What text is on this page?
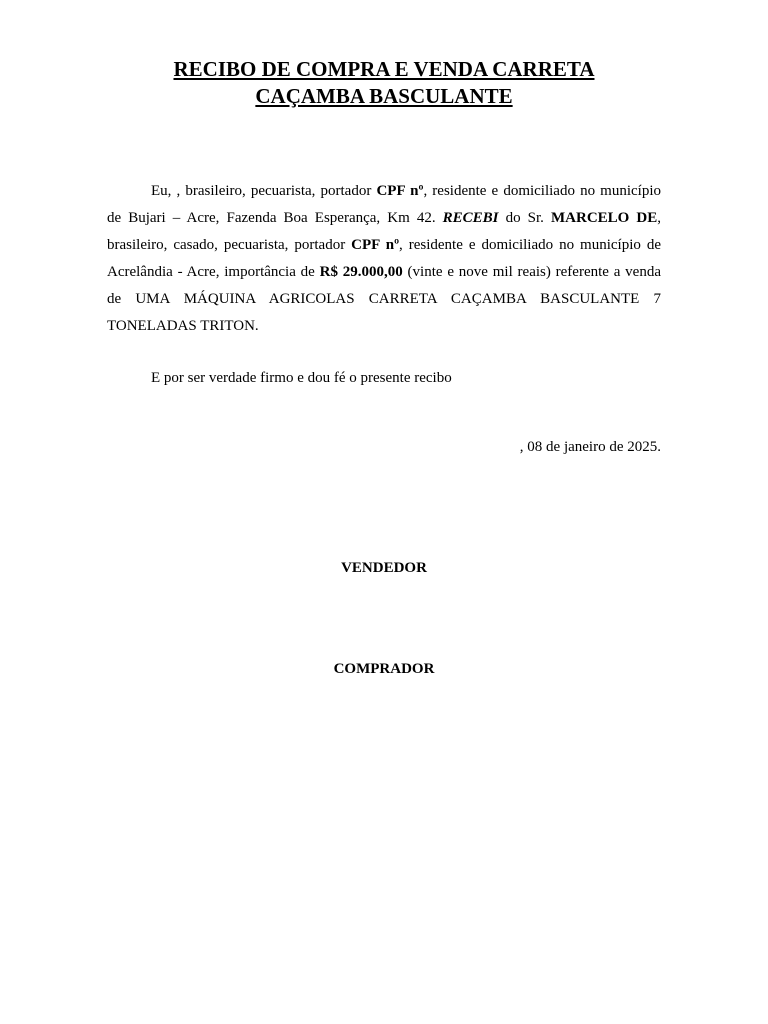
RECIBO DE COMPRA E VENDA CARRETA
CAÇAMBA BASCULANTE

Eu, , brasileiro, pecuarista, portador CPF nº, residente e domiciliado no município de Bujari – Acre, Fazenda Boa Esperança, Km 42. RECEBI do Sr. MARCELO DE, brasileiro, casado, pecuarista, portador CPF nº, residente e domiciliado no município de Acrelândia - Acre, importância de R$ 29.000,00 (vinte e nove mil reais) referente a venda de UMA MÁQUINA AGRICOLAS CARRETA CAÇAMBA BASCULANTE 7 TONELADAS TRITON.

E por ser verdade firmo e dou fé o presente recibo

, 08 de janeiro de 2025.

VENDEDOR
COMPRADOR
